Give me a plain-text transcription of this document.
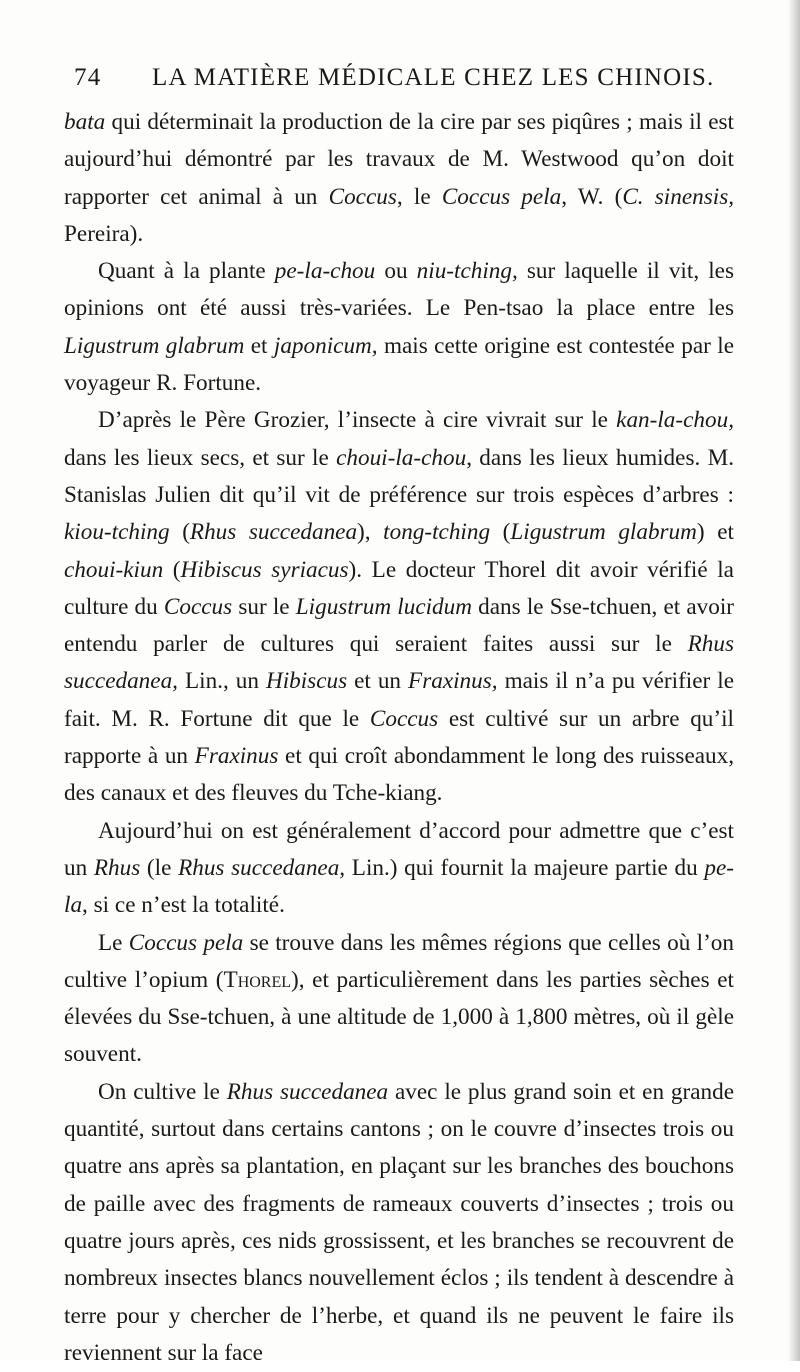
74 LA MATIÈRE MÉDICALE CHEZ LES CHINOIS.

bata qui déterminait la production de la cire par ses piqûres ; mais il est aujourd’hui démontré par les travaux de M. Westwood qu’on doit rapporter cet animal à un Coccus, le Coccus pela, W. (C. sinensis, Pereira).

Quant à la plante pe-la-chou ou niu-tching, sur laquelle il vit, les opinions ont été aussi très-variées. Le Pen-tsao la place entre les Ligustrum glabrum et japonicum, mais cette origine est contestée par le voyageur R. Fortune.

D’après le Père Grozier, l’insecte à cire vivrait sur le kan-la-chou, dans les lieux secs, et sur le choui-la-chou, dans les lieux humides. M. Stanislas Julien dit qu’il vit de préférence sur trois espèces d’arbres : kiou-tching (Rhus succedanea), tong-tching (Ligustrum glabrum) et choui-kiun (Hibiscus syriacus). Le docteur Thorel dit avoir vérifié la culture du Coccus sur le Ligustrum lucidum dans le Sse-tchuen, et avoir entendu parler de cultures qui seraient faites aussi sur le Rhus succedanea, Lin., un Hibiscus et un Fraxinus, mais il n’a pu vérifier le fait. M. R. Fortune dit que le Coccus est cultivé sur un arbre qu’il rapporte à un Fraxinus et qui croît abondamment le long des ruisseaux, des canaux et des fleuves du Tche-kiang.

Aujourd’hui on est généralement d’accord pour admettre que c’est un Rhus (le Rhus succedanea, Lin.) qui fournit la majeure partie du pe-la, si ce n’est la totalité.

Le Coccus pela se trouve dans les mêmes régions que celles où l’on cultive l’opium (Thorel), et particulièrement dans les parties sèches et élevées du Sse-tchuen, à une altitude de 1,000 à 1,800 mètres, où il gèle souvent.

On cultive le Rhus succedanea avec le plus grand soin et en grande quantité, surtout dans certains cantons ; on le couvre d’insectes trois ou quatre ans après sa plantation, en plaçant sur les branches des bouchons de paille avec des fragments de rameaux couverts d’insectes ; trois ou quatre jours après, ces nids grossissent, et les branches se recouvrent de nombreux insectes blancs nouvellement éclos ; ils tendent à descendre à terre pour y chercher de l’herbe, et quand ils ne peuvent le faire ils reviennent sur la face
